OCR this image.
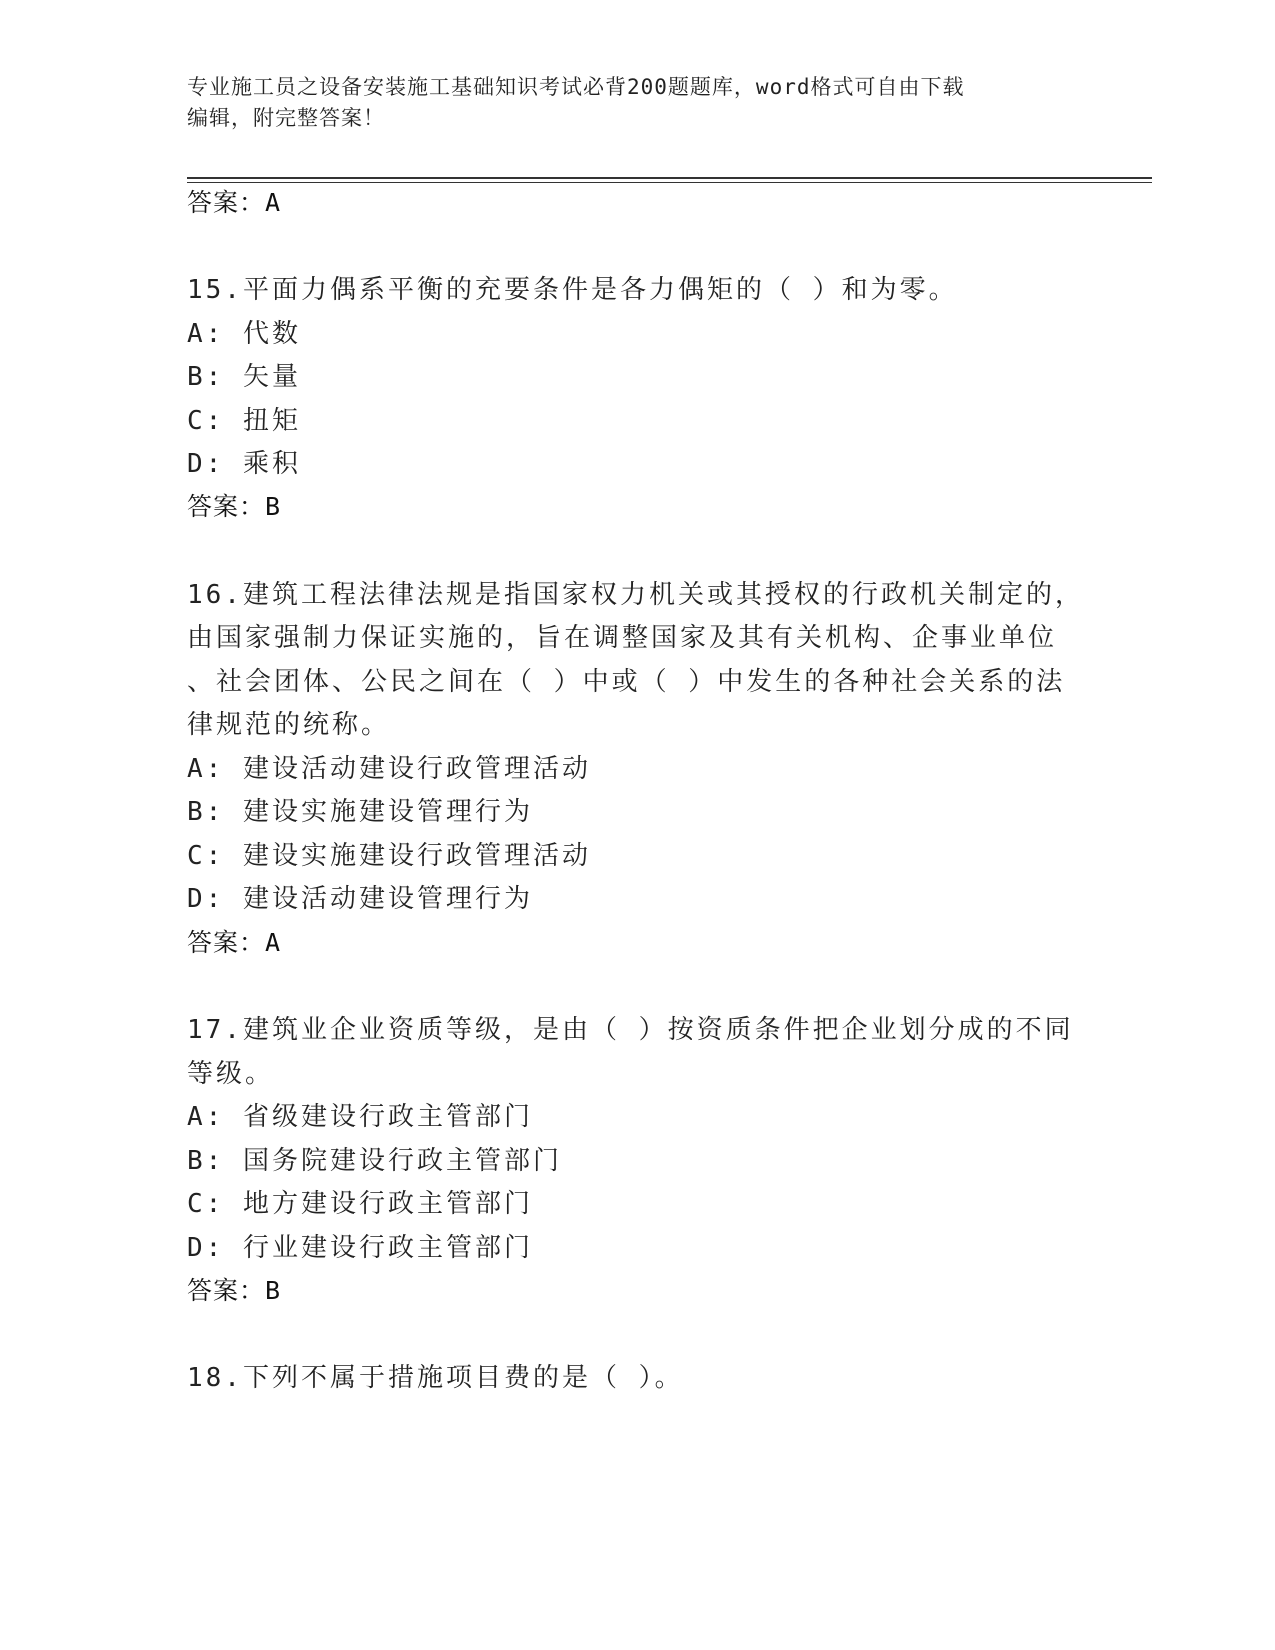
专业施工员之设备安装施工基础知识考试必背200题题库，word格式可自由下载
编辑，附完整答案！
答案：A
15.平面力偶系平衡的充要条件是各力偶矩的（ ）和为零。
A: 代数
B: 矢量
C: 扭矩
D: 乘积
答案：B
16.建筑工程法律法规是指国家权力机关或其授权的行政机关制定的，
由国家强制力保证实施的，旨在调整国家及其有关机构、企事业单位
、社会团体、公民之间在（ ）中或（ ）中发生的各种社会关系的法
律规范的统称。
A: 建设活动建设行政管理活动
B: 建设实施建设管理行为
C: 建设实施建设行政管理活动
D: 建设活动建设管理行为
答案：A
17.建筑业企业资质等级，是由（ ）按资质条件把企业划分成的不同
等级。
A: 省级建设行政主管部门
B: 国务院建设行政主管部门
C: 地方建设行政主管部门
D: 行业建设行政主管部门
答案：B
18.下列不属于措施项目费的是（ ）。
